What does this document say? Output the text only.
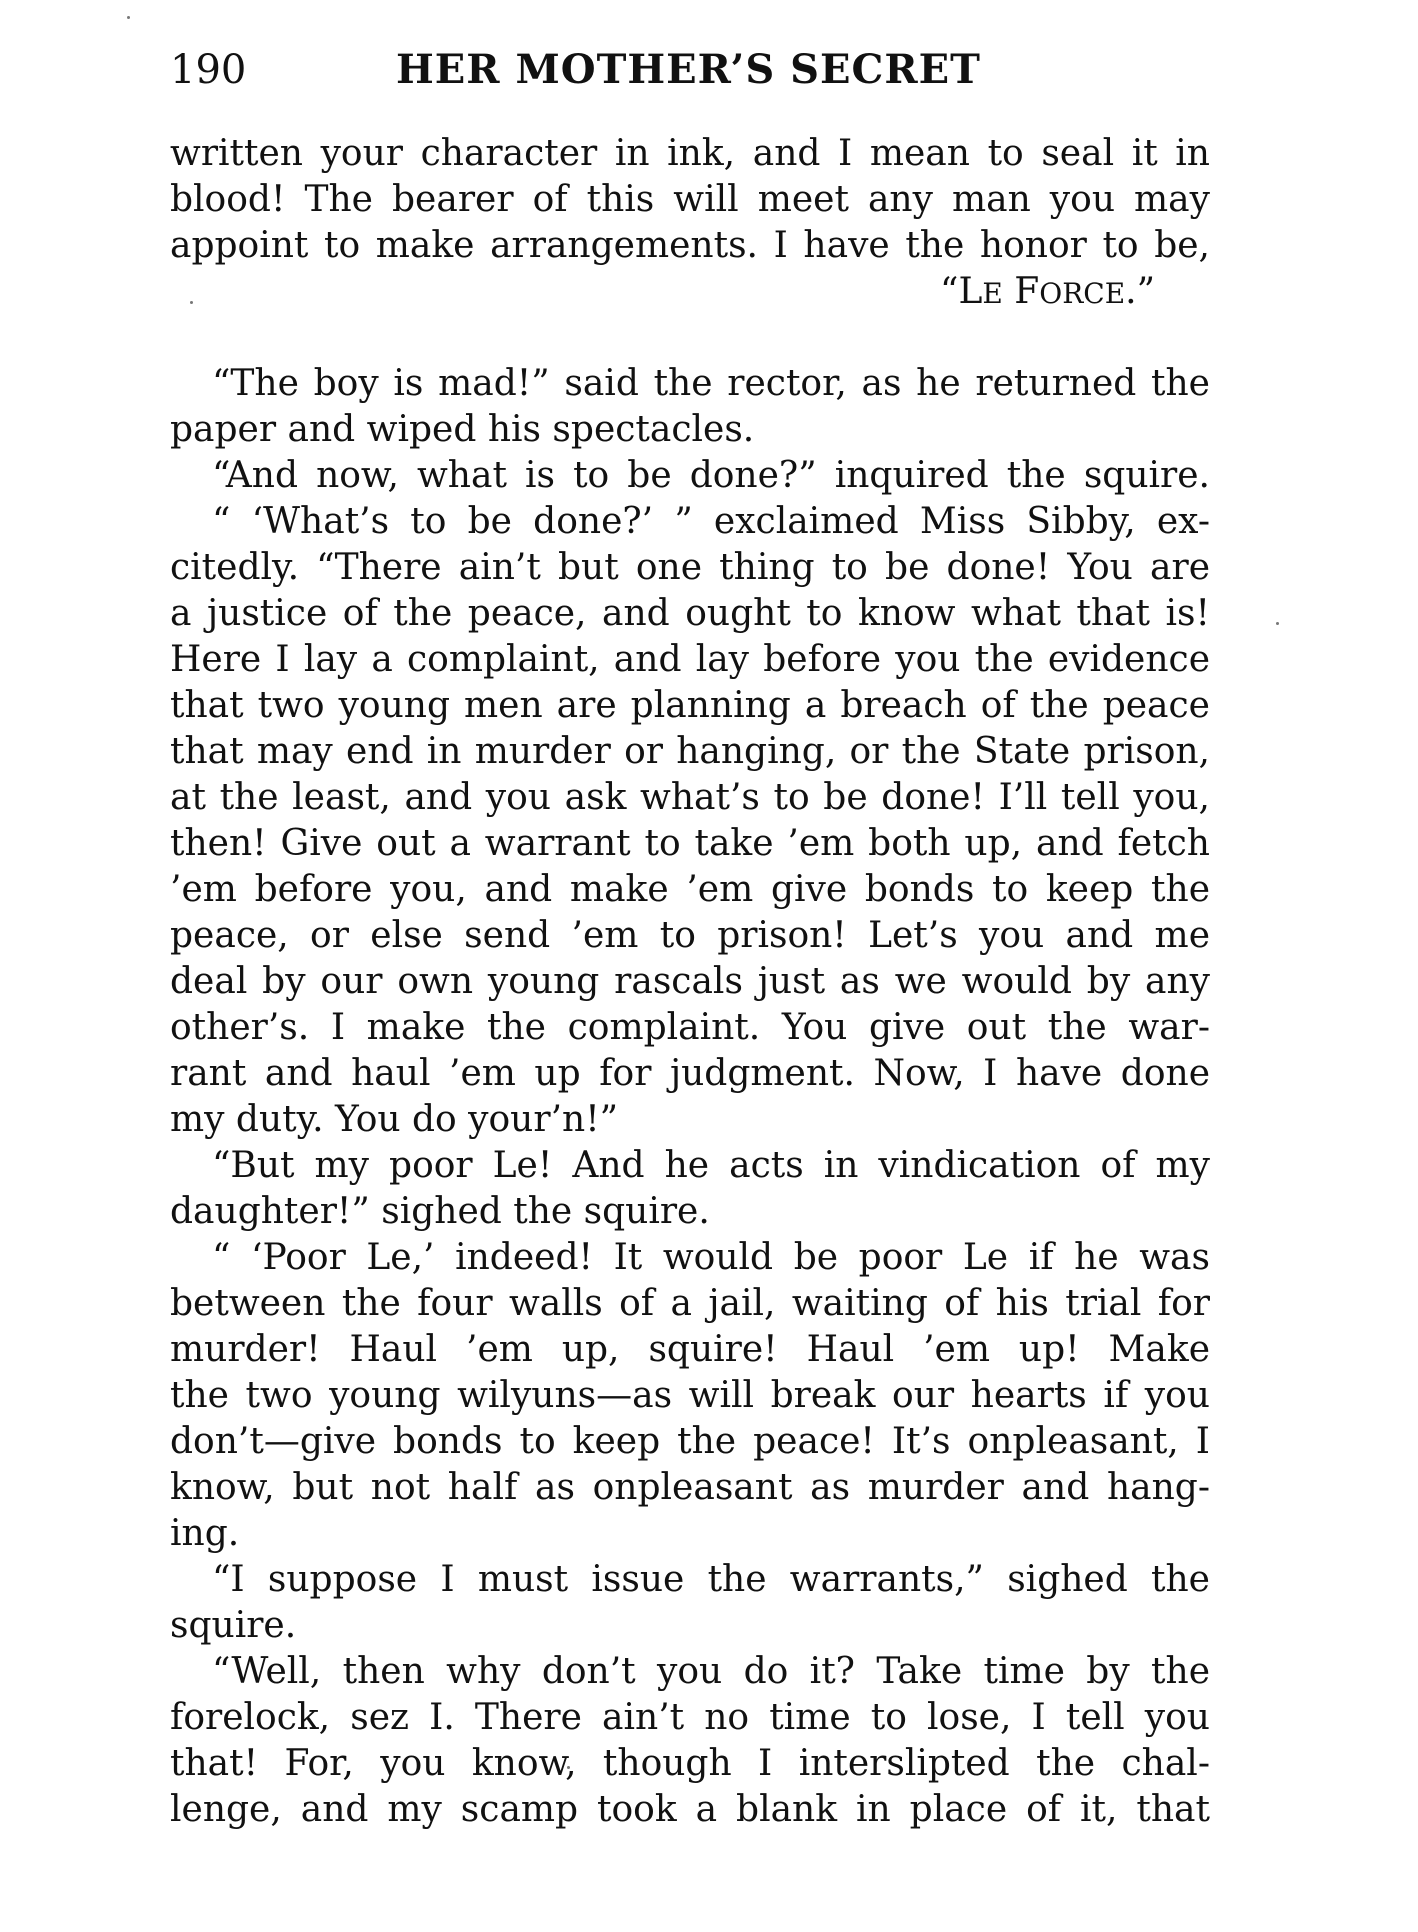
190	HER MOTHER’S SECRET
written your character in ink, and I mean to seal it in
blood! The bearer of this will meet any man you may
appoint to make arrangements. I have the honor to be,
“LE FORCE.”
“The boy is mad!” said the rector, as he returned the
paper and wiped his spectacles.
“And now, what is to be done?” inquired the squire.
“ ‘What’s to be done?’ ” exclaimed Miss Sibby, ex-
citedly. “There ain’t but one thing to be done! You are
a justice of the peace, and ought to know what that is!
Here I lay a complaint, and lay before you the evidence
that two young men are planning a breach of the peace
that may end in murder or hanging, or the State prison,
at the least, and you ask what’s to be done! I’ll tell you,
then! Give out a warrant to take ’em both up, and fetch
’em before you, and make ’em give bonds to keep the
peace, or else send ’em to prison! Let’s you and me
deal by our own young rascals just as we would by any
other’s. I make the complaint. You give out the war-
rant and haul ’em up for judgment. Now, I have done
my duty. You do your’n!”
“But my poor Le! And he acts in vindication of my
daughter!” sighed the squire.
“ ‘Poor Le,’ indeed! It would be poor Le if he was
between the four walls of a jail, waiting of his trial for
murder! Haul ’em up, squire! Haul ’em up! Make
the two young wilyuns—as will break our hearts if you
don’t—give bonds to keep the peace! It’s onpleasant, I
know, but not half as onpleasant as murder and hang-
ing.
“I suppose I must issue the warrants,” sighed the
squire.
“Well, then why don’t you do it? Take time by the
forelock, sez I. There ain’t no time to lose, I tell you
that! For, you know, though I interslipted the chal-
lenge, and my scamp took a blank in place of it, that
